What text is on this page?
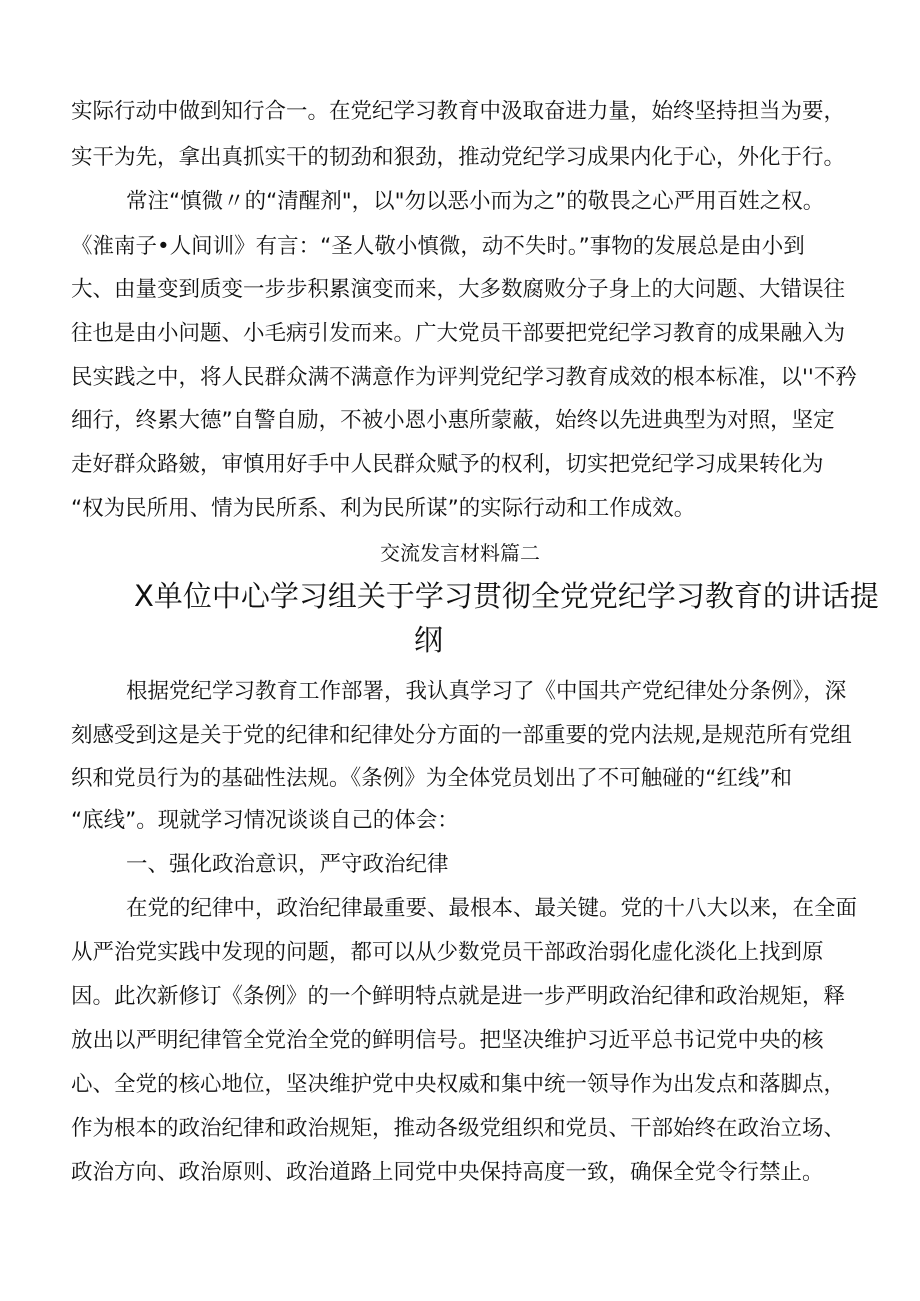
实际行动中做到知行合一。在党纪学习教育中汲取奋进力量，始终坚持担当为要，
实干为先，拿出真抓实干的韧劲和狠劲，推动党纪学习成果内化于心，外化于行。
常注“慎微〃的“清醒剂"，以"勿以恶小而为之”的敬畏之心严用百姓之权。
《淮南子•人间训》有言：“圣人敬小慎微，动不失时。”事物的发展总是由小到
大、由量变到质变一步步积累演变而来，大多数腐败分子身上的大问题、大错误往
往也是由小问题、小毛病引发而来。广大党员干部要把党纪学习教育的成果融入为
民实践之中，将人民群众满不满意作为评判党纪学习教育成效的根本标准，以''不矜
细行，终累大德”自警自励，不被小恩小惠所蒙蔽，始终以先进典型为对照，坚定
走好群众路皴，审慎用好手中人民群众赋予的权利，切实把党纪学习成果转化为
“权为民所用、情为民所系、利为民所谋”的实际行动和工作成效。
交流发言材料篇二
X单位中心学习组关于学习贯彻全党党纪学习教育的讲话提
纲
根据党纪学习教育工作部署，我认真学习了《中国共产党纪律处分条例》，深
刻感受到这是关于党的纪律和纪律处分方面的一部重要的党内法规,是规范所有党组
织和党员行为的基础性法规。《条例》为全体党员划出了不可触碰的“红线”和
“底线”。现就学习情况谈谈自己的体会：
一、强化政治意识，严守政治纪律
在党的纪律中，政治纪律最重要、最根本、最关键。党的十八大以来，在全面
从严治党实践中发现的问题，都可以从少数党员干部政治弱化虚化淡化上找到原
因。此次新修订《条例》的一个鲜明特点就是进一步严明政治纪律和政治规矩，释
放出以严明纪律管全党治全党的鲜明信号。把坚决维护习近平总书记党中央的核
心、全党的核心地位，坚决维护党中央权威和集中统一领导作为出发点和落脚点，
作为根本的政治纪律和政治规矩，推动各级党组织和党员、干部始终在政治立场、
政治方向、政治原则、政治道路上同党中央保持高度一致，确保全党令行禁止。
